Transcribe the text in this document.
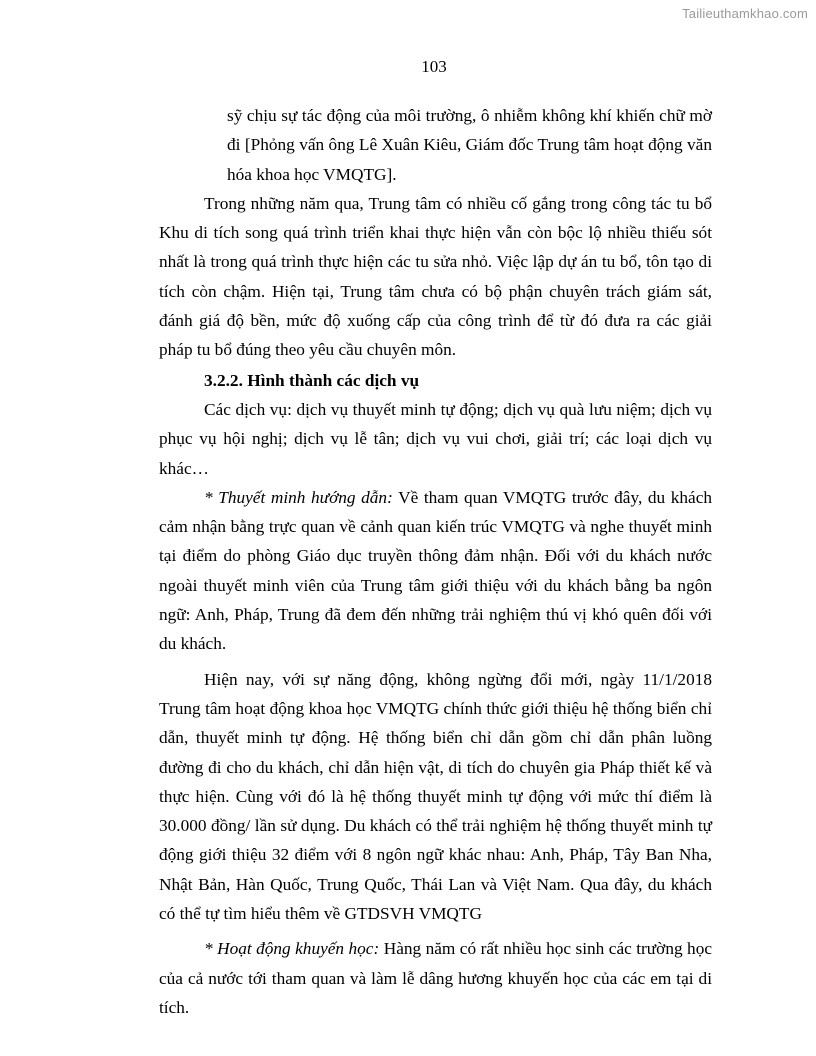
Tailieuthamkhao.com
103

sỹ chịu sự tác động của môi trường, ô nhiễm không khí khiến chữ mờ đi [Phỏng vấn ông Lê Xuân Kiêu, Giám đốc Trung tâm hoạt động văn hóa khoa học VMQTG].

Trong những năm qua, Trung tâm có nhiều cố gắng trong công tác tu bổ Khu di tích song quá trình triển khai thực hiện vẫn còn bộc lộ nhiều thiếu sót nhất là trong quá trình thực hiện các tu sửa nhỏ. Việc lập dự án tu bổ, tôn tạo di tích còn chậm. Hiện tại, Trung tâm chưa có bộ phận chuyên trách giám sát, đánh giá độ bền, mức độ xuống cấp của công trình để từ đó đưa ra các giải pháp tu bổ đúng theo yêu cầu chuyên môn.

3.2.2. Hình thành các dịch vụ

Các dịch vụ: dịch vụ thuyết minh tự động; dịch vụ quà lưu niệm; dịch vụ phục vụ hội nghị; dịch vụ lễ tân; dịch vụ vui chơi, giải trí; các loại dịch vụ khác…

* Thuyết minh hướng dẫn: Về tham quan VMQTG trước đây, du khách cảm nhận bằng trực quan về cảnh quan kiến trúc VMQTG và nghe thuyết minh tại điểm do phòng Giáo dục truyền thông đảm nhận. Đối với du khách nước ngoài thuyết minh viên của Trung tâm giới thiệu với du khách bằng ba ngôn ngữ: Anh, Pháp, Trung đã đem đến những trải nghiệm thú vị khó quên đối với du khách.

Hiện nay, với sự năng động, không ngừng đổi mới, ngày 11/1/2018 Trung tâm hoạt động khoa học VMQTG chính thức giới thiệu hệ thống biển chỉ dẫn, thuyết minh tự động. Hệ thống biển chỉ dẫn gồm chỉ dẫn phân luồng đường đi cho du khách, chỉ dẫn hiện vật, di tích do chuyên gia Pháp thiết kế và thực hiện. Cùng với đó là hệ thống thuyết minh tự động với mức thí điểm là 30.000 đồng/ lần sử dụng. Du khách có thể trải nghiệm hệ thống thuyết minh tự động giới thiệu 32 điểm với 8 ngôn ngữ khác nhau: Anh, Pháp, Tây Ban Nha, Nhật Bản, Hàn Quốc, Trung Quốc, Thái Lan và Việt Nam. Qua đây, du khách có thể tự tìm hiểu thêm về GTDSVH VMQTG

* Hoạt động khuyến học: Hàng năm có rất nhiều học sinh các trường học của cả nước tới tham quan và làm lễ dâng hương khuyến học của các em tại di tích.
